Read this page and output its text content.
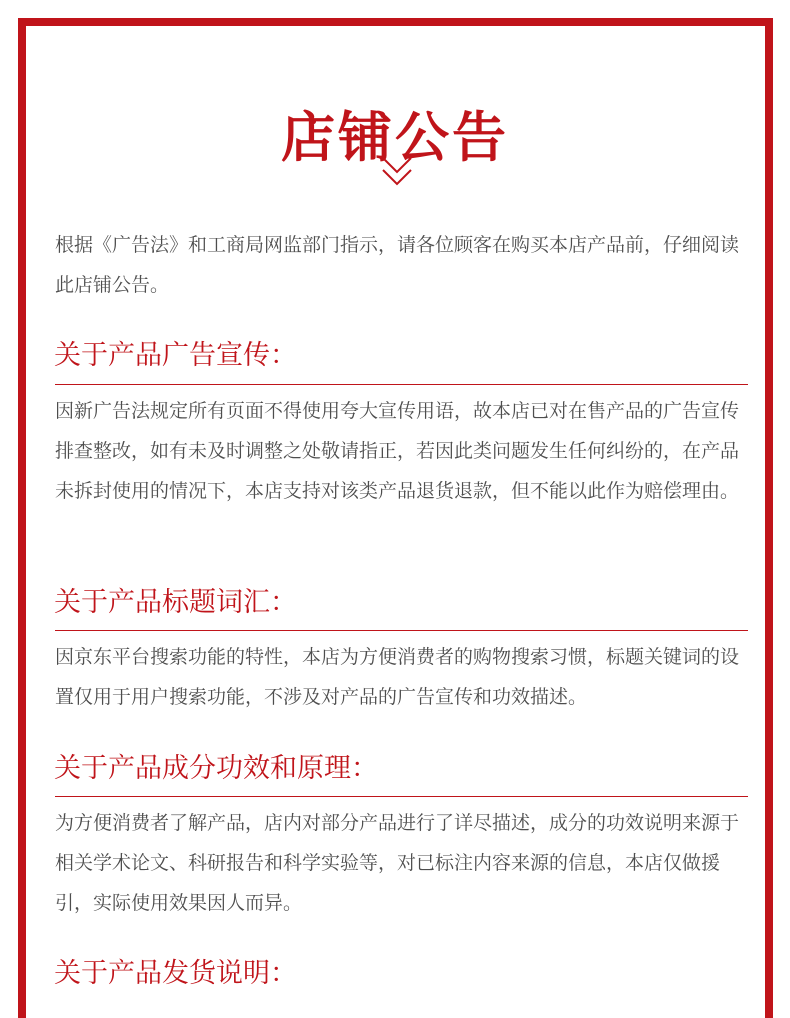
店铺公告

根据《广告法》和工商局网监部门指示，请各位顾客在购买本店产品前，仔细阅读此店铺公告。

关于产品广告宣传：

因新广告法规定所有页面不得使用夸大宣传用语，故本店已对在售产品的广告宣传排查整改，如有未及时调整之处敬请指正，若因此类问题发生任何纠纷的，在产品未拆封使用的情况下，本店支持对该类产品退货退款，但不能以此作为赔偿理由。

关于产品标题词汇：

因京东平台搜索功能的特性，本店为方便消费者的购物搜索习惯，标题关键词的设置仅用于用户搜索功能，不涉及对产品的广告宣传和功效描述。

关于产品成分功效和原理：

为方便消费者了解产品，店内对部分产品进行了详尽描述，成分的功效说明来源于相关学术论文、科研报告和科学实验等，对已标注内容来源的信息，本店仅做援引，实际使用效果因人而异。

关于产品发货说明：
